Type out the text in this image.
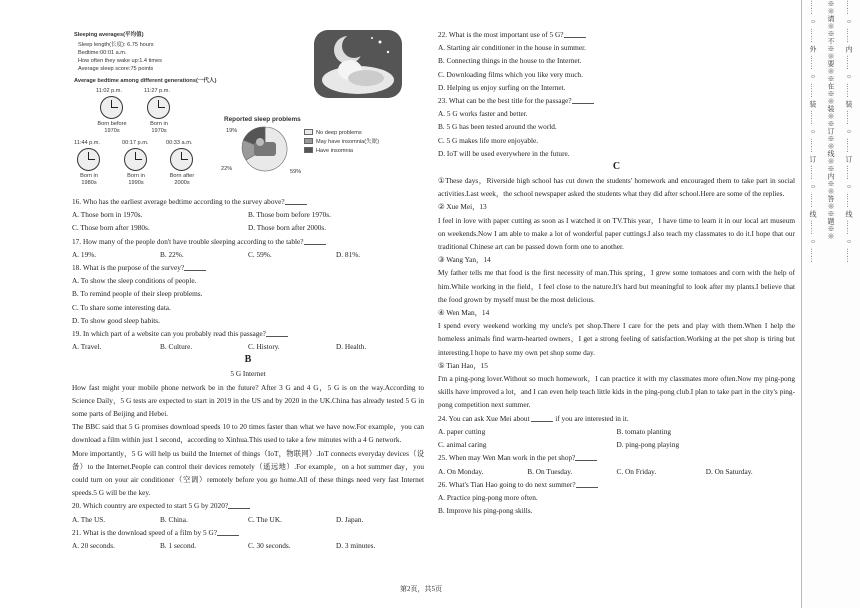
Sleeping averages(平均值)
Sleep length(长度): 6.75 hours
Bedtime:00:01 a.m.
How often they wake up:1.4 times
Average sleep score:75 points
Average bedtime among different generations(一代人)
11:02 p.m.
Born before
1970s
11:27 p.m.
Born in
1970s
11:44 p.m.
Born in
1980s
00:17 p.m.
Born in
1990s
00:33 a.m.
Born after
2000s
Reported sleep problems
19%
22%	59%
No deep problems
May have insomnia(失眠)
Have insomnia
16. Who has the earliest average bedtime according to the survey above?
A. Those born in 1970s.	B. Those born before 1970s.
C. Those born after 1980s.	D. Those born after 2000s.
17. How many of the people don't have trouble sleeping according to the table?
A. 19%.	B. 22%.	C. 59%.	D. 81%.
18. What is the purpose of the survey?
A. To show the sleep conditions of people.
B. To remind people of their sleep problems.
C. To share some interesting data.
D. To show good sleep habits.
19. In which part of a website can you probably read this passage?
A. Travel.	B. Culture.	C. History.	D. Health.
B
5 G Internet
How fast might your mobile phone network be in the future? After 3 G and 4 G，5 G is on the way.According to Science Daily，5 G tests are expected to start in 2019 in the US and by 2020 in the UK.China has already tested 5 G in some parts of Beijing and Hebei.
The BBC said that 5 G promises download speeds 10 to 20 times faster than what we have now.For example，you can download a film within just 1 second，according to Xinhua.This used to take a few minutes with a 4 G network.
More importantly，5 G will help us build the Internet of things（IoT，物联网）.IoT connects everyday devices（设备）to the Internet.People can control their devices remotely（遥远地）.For example，on a hot summer day，you could turn on your air conditioner（空调）remotely before you go home.All of these things need very fast Internet speeds.5 G will be the key.
20. Which country are expected to start 5 G by 2020?
A. The US.	B. China.	C. The UK.	D. Japan.
21. What is the download speed of a film by 5 G?
A. 20 seconds.	B. 1 second.	C. 30 seconds.	D. 3 minutes.
22. What is the most important use of 5 G?
A. Starting air conditioner in the house in summer.
B. Connecting things in the house to the Internet.
C. Downloading films which you like very much.
D. Helping us enjoy surfing on the Internet.
23. What can be the best title for the passage?
A. 5 G works faster and better.
B. 5 G has been tested around the world.
C. 5 G makes life more enjoyable.
D. IoT will be used everywhere in the future.
C
①These days，Riverside high school has cut down the students' homework and encouraged them to take part in social activities.Last week，the school newspaper asked the students what they did after school.Here are some of the replies.
② Xue Mei，13
I feel in love with paper cutting as soon as I watched it on TV.This year，I have time to learn it in our local art museum on weekends.Now I am able to make a lot of wonderful paper cuttings.I also teach my classmates to do it.I hope that our traditional Chinese art can be passed down form one to another.
③ Wang Yan，14
My father tells me that food is the first necessity of man.This spring，I grew some tomatoes and corn with the help of him.While working in the field，I feel close to the nature.It's hard but meaningful to look after my plants.I believe that the food grown by myself must be the most delicious.
④ Wen Man，14
I spend every weekend working my uncle's pet shop.There I care for the pets and play with them.When I help the homeless animals find warm-hearted owners，I get a strong feeling of satisfaction.Working at the pet shop is tiring but interesting.I hope to have my own pet shop some day.
⑤ Tian Hao，15
I'm a ping-pong lover.Without so much homework，I can practice it with my classmates more often.Now my ping-pong skills have improved a lot，and I can even help teach little kids in the ping-pong club.I plan to take part in the city's ping-pong competition next summer.
24. You can ask Xue Mei about	if you are interested in it.
A. paper cutting	B. tomato planting
C. animal caring	D. ping-pong playing
25. When may Wen Man work in the pet shop?
A. On Monday.	B. On Tuesday.	C. On Friday.	D. On Saturday.
26. What's Tian Hao going to do next summer?
A. Practice ping-pong more often.
B. Improve his ping-pong skills.
第2页，共5页
…… ○ …… 外 …… ○ …… 装 …… ○ …… 订 …… ○ …… 线 …… ○ …… ※※请※※不※※要※※在※※装※※订※※线※※内※※答※※题※※ …… ○ …… 内 …… ○ …… 装 …… ○ …… 订 …… ○ …… 线 …… ○ ……
